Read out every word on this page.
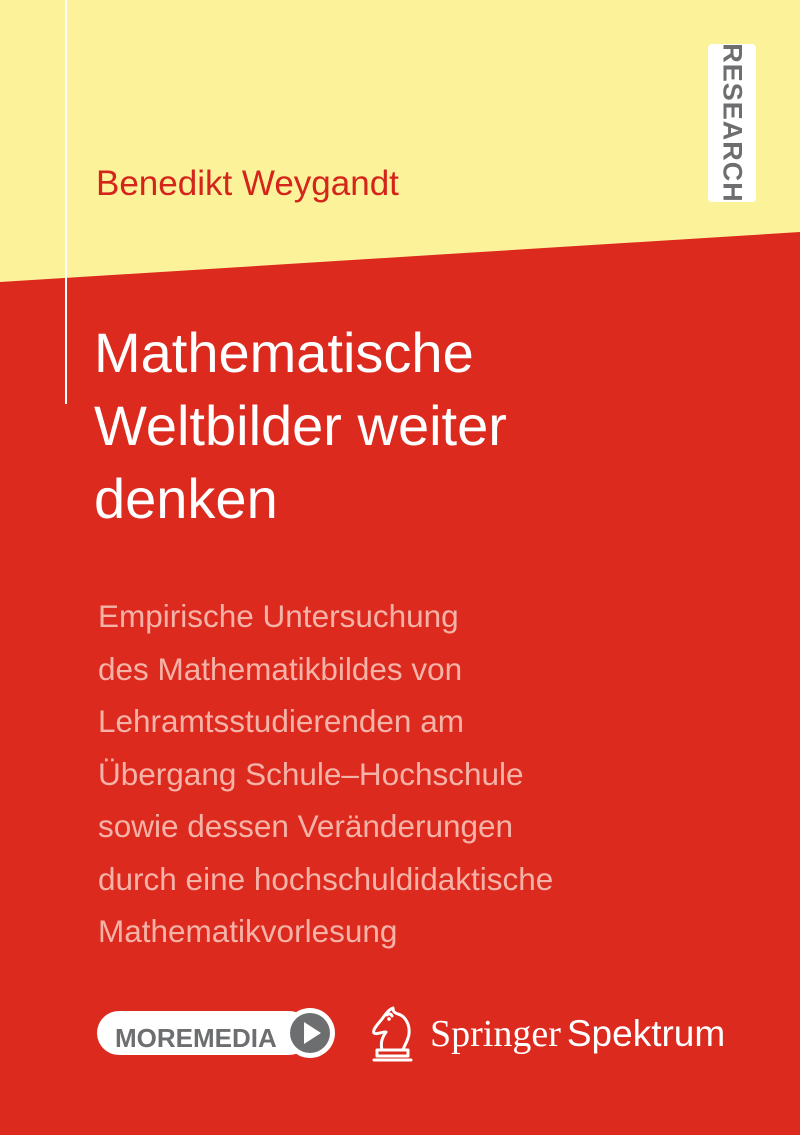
RESEARCH
Benedikt Weygandt
Mathematische
Weltbilder weiter
denken
Empirische Untersuchung
des Mathematikbildes von
Lehramtsstudierenden am
Übergang Schule–Hochschule
sowie dessen Veränderungen
durch eine hochschuldidaktische
Mathematikvorlesung
MOREMEDIA	Springer Spektrum
